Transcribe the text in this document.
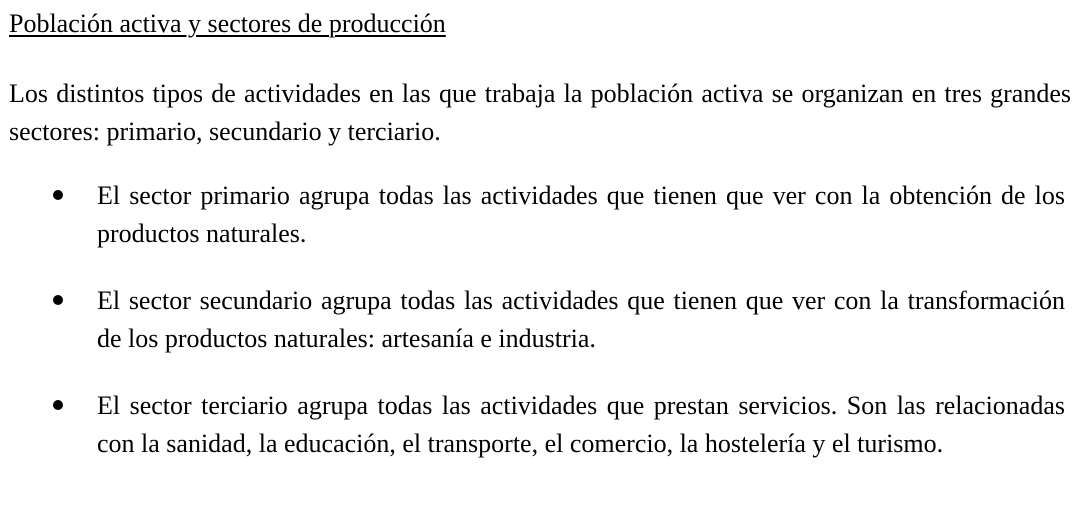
Población activa y sectores de producción

Los distintos tipos de actividades en las que trabaja la población activa se organizan en tres grandes sectores: primario, secundario y terciario.

El sector primario agrupa todas las actividades que tienen que ver con la obtención de los productos naturales.

El sector secundario agrupa todas las actividades que tienen que ver con la transformación de los productos naturales: artesanía e industria.

El sector terciario agrupa todas las actividades que prestan servicios. Son las relacionadas con la sanidad, la educación, el transporte, el comercio, la hostelería y el turismo.
